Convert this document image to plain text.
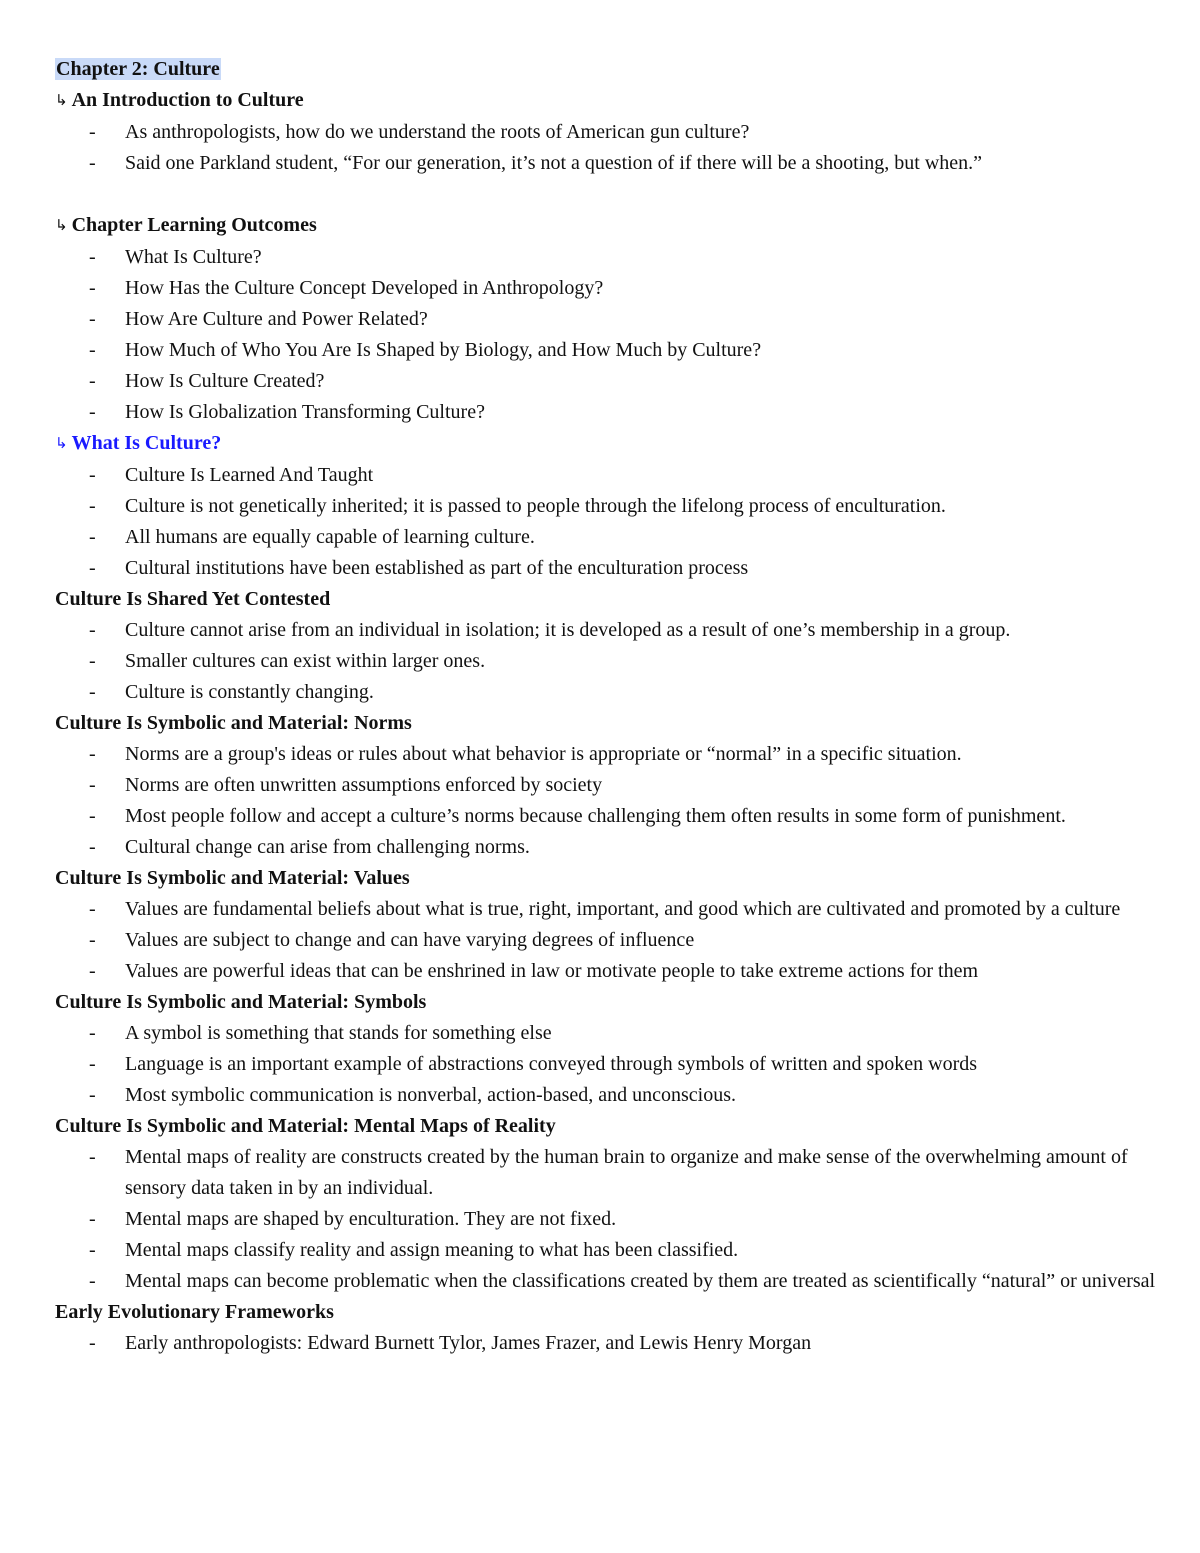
Chapter 2: Culture
↳ An Introduction to Culture
- As anthropologists, how do we understand the roots of American gun culture?
- Said one Parkland student, “For our generation, it’s not a question of if there will be a shooting, but when.”
↳ Chapter Learning Outcomes
- What Is Culture?
- How Has the Culture Concept Developed in Anthropology?
- How Are Culture and Power Related?
- How Much of Who You Are Is Shaped by Biology, and How Much by Culture?
- How Is Culture Created?
- How Is Globalization Transforming Culture?
↳ What Is Culture?
- Culture Is Learned And Taught
- Culture is not genetically inherited; it is passed to people through the lifelong process of enculturation.
- All humans are equally capable of learning culture.
- Cultural institutions have been established as part of the enculturation process
Culture Is Shared Yet Contested
- Culture cannot arise from an individual in isolation; it is developed as a result of one’s membership in a group.
- Smaller cultures can exist within larger ones.
- Culture is constantly changing.
Culture Is Symbolic and Material: Norms
- Norms are a group's ideas or rules about what behavior is appropriate or “normal” in a specific situation.
- Norms are often unwritten assumptions enforced by society
- Most people follow and accept a culture’s norms because challenging them often results in some form of punishment.
- Cultural change can arise from challenging norms.
Culture Is Symbolic and Material: Values
- Values are fundamental beliefs about what is true, right, important, and good which are cultivated and promoted by a culture
- Values are subject to change and can have varying degrees of influence
- Values are powerful ideas that can be enshrined in law or motivate people to take extreme actions for them
Culture Is Symbolic and Material: Symbols
- A symbol is something that stands for something else
- Language is an important example of abstractions conveyed through symbols of written and spoken words
- Most symbolic communication is nonverbal, action-based, and unconscious.
Culture Is Symbolic and Material: Mental Maps of Reality
- Mental maps of reality are constructs created by the human brain to organize and make sense of the overwhelming amount of sensory data taken in by an individual.
- Mental maps are shaped by enculturation. They are not fixed.
- Mental maps classify reality and assign meaning to what has been classified.
- Mental maps can become problematic when the classifications created by them are treated as scientifically “natural” or universal
Early Evolutionary Frameworks
- Early anthropologists: Edward Burnett Tylor, James Frazer, and Lewis Henry Morgan
